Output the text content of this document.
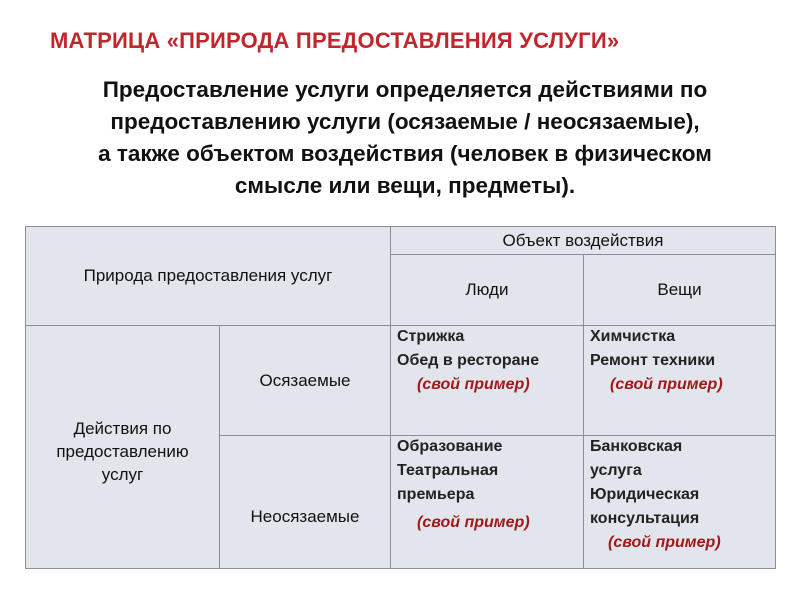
МАТРИЦА «ПРИРОДА ПРЕДОСТАВЛЕНИЯ УСЛУГИ»
Предоставление услуги определяется действиями по
предоставлению услуги (осязаемые / неосязаемые),
а также объектом воздействия (человек в физическом
смысле или вещи, предметы).
Природа предоставления услуг
Объект воздействия
Люди	Вещи
Действия по
предоставлению
услуг
Осязаемые
Неосязаемые
Стрижка
Обед в ресторане
(свой пример)
Химчистка
Ремонт техники
(свой пример)
Образование
Театральная
премьера
(свой пример)
Банковская
услуга
Юридическая
консультация
(свой пример)
